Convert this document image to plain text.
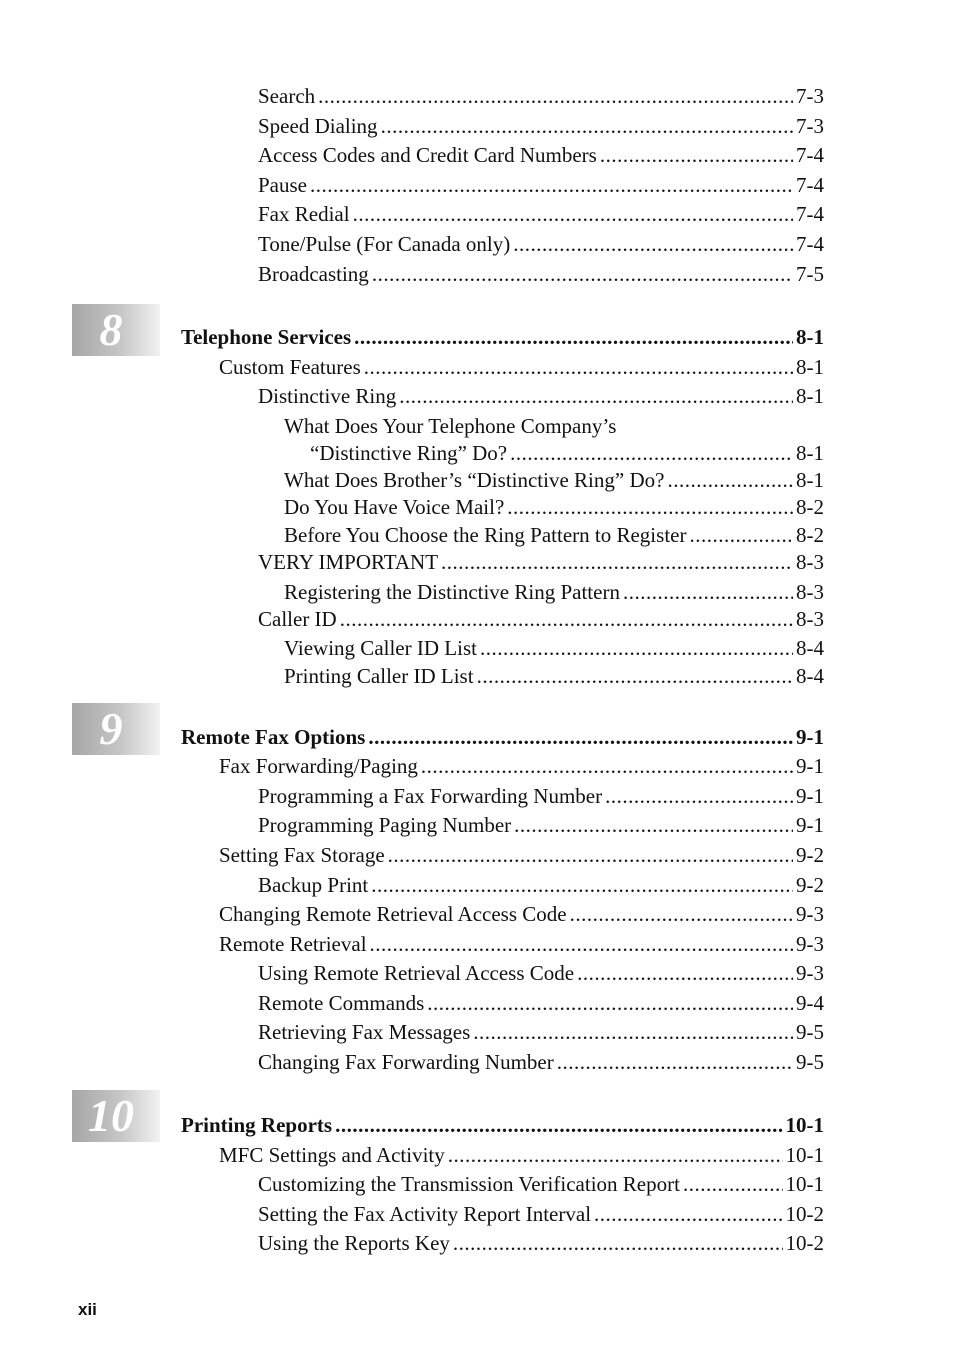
8
9
10
Search .....	7-3
Speed Dialing .....	7-3
Access Codes and Credit Card Numbers .....	7-4
Pause .....	7-4
Fax Redial .....	7-4
Tone/Pulse (For Canada only) .....	7-4
Broadcasting .....	7-5
Telephone Services .....	8-1
Custom Features .....	8-1
Distinctive Ring .....	8-1
What Does Your Telephone Company’s
“Distinctive Ring” Do? .....	8-1
What Does Brother’s “Distinctive Ring” Do? .....	8-1
Do You Have Voice Mail? .....	8-2
Before You Choose the Ring Pattern to Register .....	8-2
VERY IMPORTANT .....	8-3
Registering the Distinctive Ring Pattern .....	8-3
Caller ID .....	8-3
Viewing Caller ID List .....	8-4
Printing Caller ID List .....	8-4
Remote Fax Options .....	9-1
Fax Forwarding/Paging .....	9-1
Programming a Fax Forwarding Number .....	9-1
Programming Paging Number .....	9-1
Setting Fax Storage .....	9-2
Backup Print .....	9-2
Changing Remote Retrieval Access Code .....	9-3
Remote Retrieval .....	9-3
Using Remote Retrieval Access Code .....	9-3
Remote Commands .....	9-4
Retrieving Fax Messages .....	9-5
Changing Fax Forwarding Number .....	9-5
Printing Reports .....	10-1
MFC Settings and Activity .....	10-1
Customizing the Transmission Verification Report .....	10-1
Setting the Fax Activity Report Interval .....	10-2
Using the Reports Key .....	10-2
xii
